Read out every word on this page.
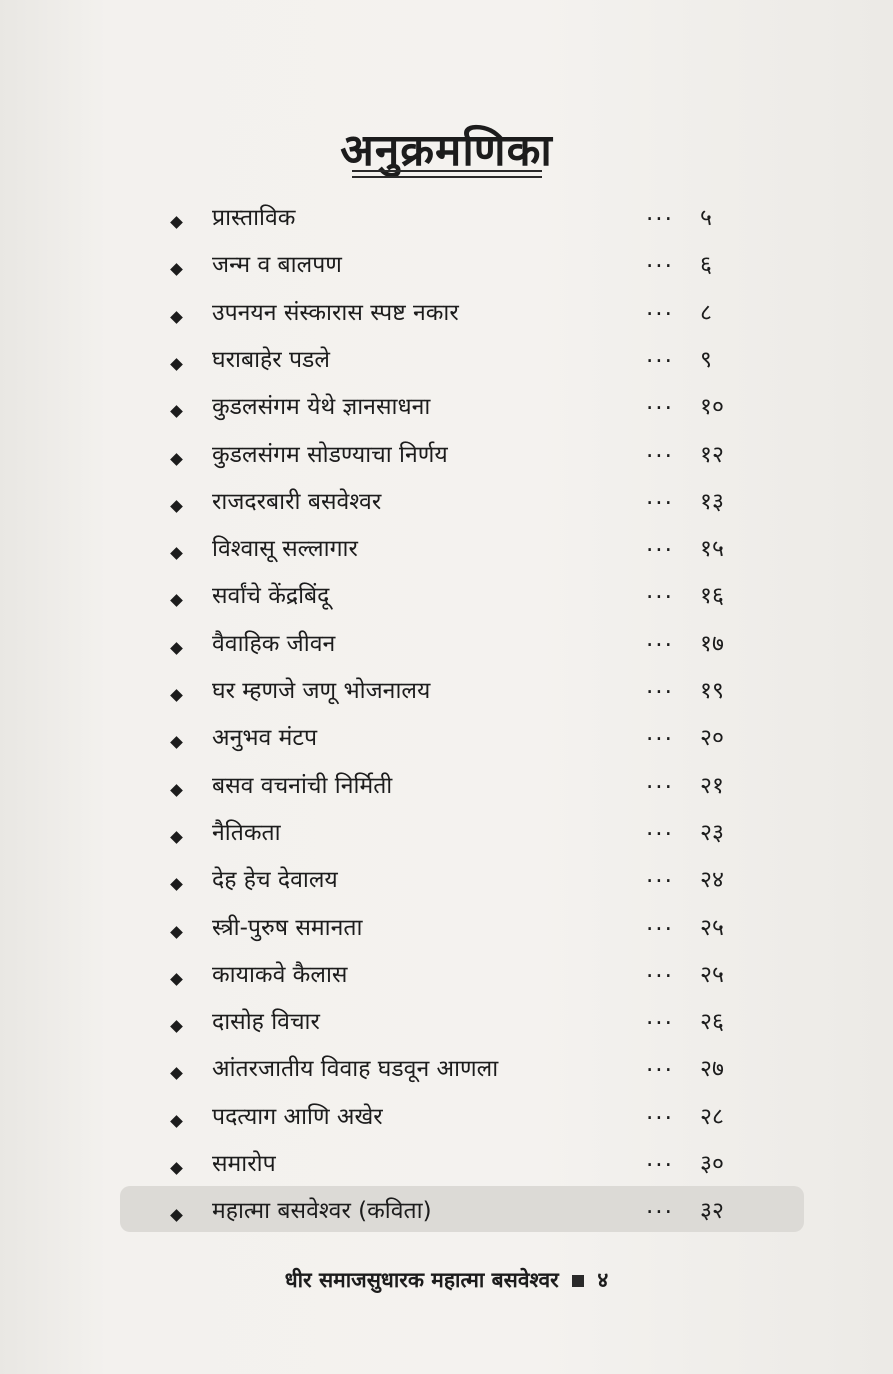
अनुक्रमणिका
प्रास्ताविक	... ५
जन्म व बालपण	... ६
उपनयन संस्कारास स्पष्ट नकार	... ८
घराबाहेर पडले	... ९
कुडलसंगम येथे ज्ञानसाधना	... १०
कुडलसंगम सोडण्याचा निर्णय	... १२
राजदरबारी बसवेश्वर	... १३
विश्वासू सल्लागार	... १५
सर्वांचे केंद्रबिंदू	... १६
वैवाहिक जीवन	... १७
घर म्हणजे जणू भोजनालय	... १९
अनुभव मंटप	... २०
बसव वचनांची निर्मिती	... २१
नैतिकता	... २३
देह हेच देवालय	... २४
स्त्री-पुरुष समानता	... २५
कायाकवे कैलास	... २५
दासोह विचार	... २६
आंतरजातीय विवाह घडवून आणला	... २७
पदत्याग आणि अखेर	... २८
समारोप	... ३०
महात्मा बसवेश्वर (कविता)	... ३२
धीर समाजसुधारक महात्मा बसवेश्वर ४
